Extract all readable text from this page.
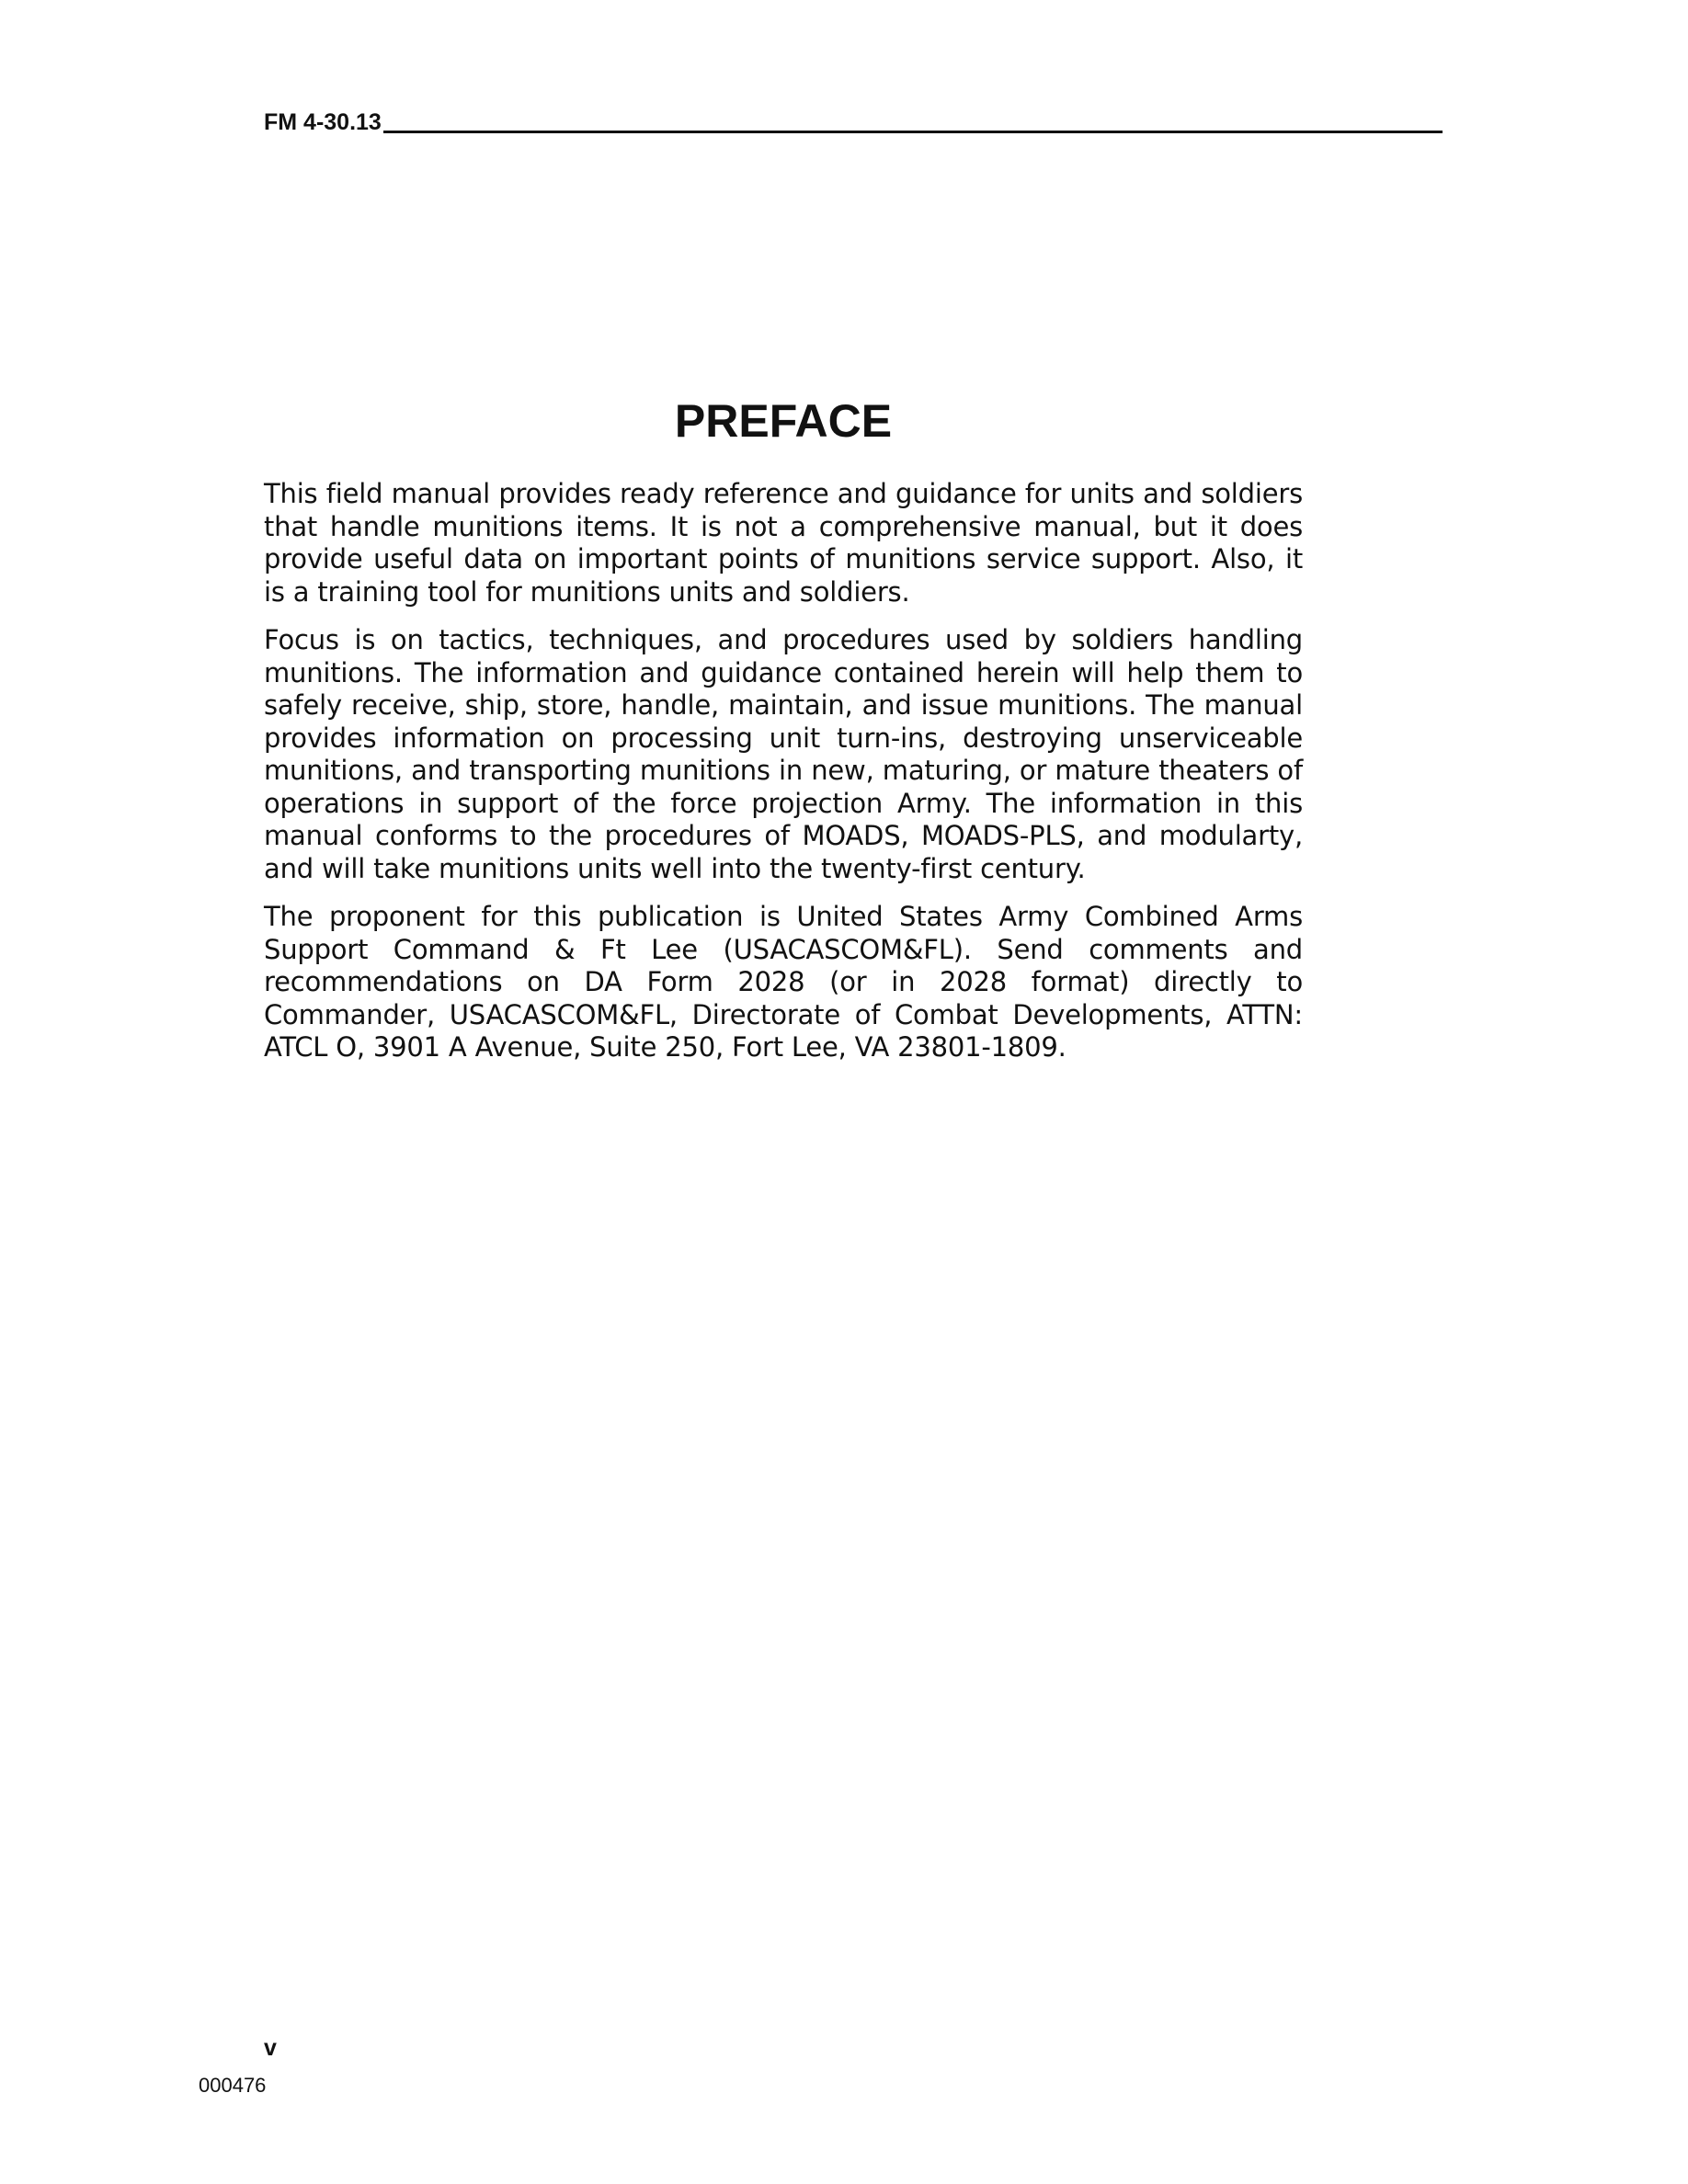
FM 4-30.13
PREFACE

This field manual provides ready reference and guidance for units and soldiers that handle munitions items. It is not a comprehensive manual, but it does provide useful data on important points of munitions service support. Also, it is a training tool for munitions units and soldiers.

Focus is on tactics, techniques, and procedures used by soldiers handling munitions. The information and guidance contained herein will help them to safely receive, ship, store, handle, maintain, and issue munitions. The manual provides information on processing unit turn-ins, destroying unserviceable munitions, and transporting munitions in new, maturing, or mature theaters of operations in support of the force projection Army. The information in this manual conforms to the procedures of MOADS, MOADS-PLS, and modularty, and will take munitions units well into the twenty-first century.

The proponent for this publication is United States Army Combined Arms Support Command & Ft Lee (USACASCOM&FL). Send comments and recommendations on DA Form 2028 (or in 2028 format) directly to Commander, USACASCOM&FL, Directorate of Combat Developments, ATTN: ATCL O, 3901 A Avenue, Suite 250, Fort Lee, VA 23801-1809.

v
000476
